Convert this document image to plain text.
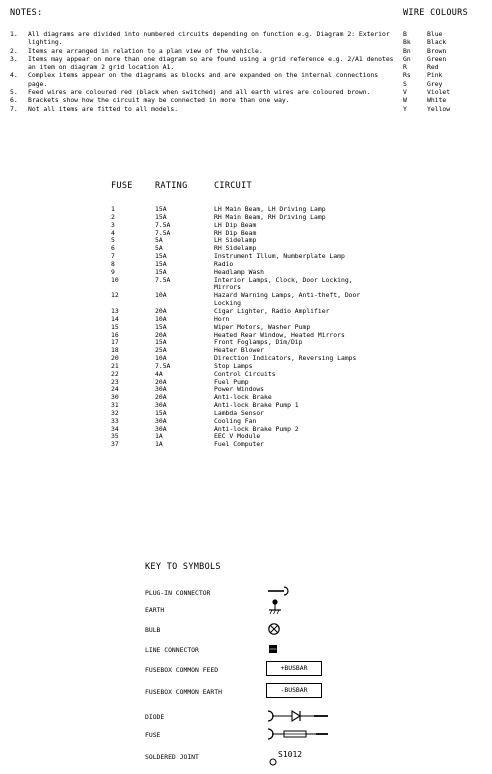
NOTES:
1.	All diagrams are divided into numbered circuits depending on function e.g. Diagram 2: Exterior lighting.
2.	Items are arranged in relation to a plan view of the vehicle.
3.	Items may appear on more than one diagram so are found using a grid reference e.g. 2/A1 denotes an item on diagram 2 grid location A1.
4.	Complex items appear on the diagrams as blocks and are expanded on the internal connections page.
5.	Feed wires are coloured red (black when switched) and all earth wires are coloured brown.
6.	Brackets show how the circuit may be connected in more than one way.
7.	Not all items are fitted to all models.
WIRE COLOURS
B	Blue
Bk	Black
Bn	Brown
Gn	Green
R	Red
Rs	Pink
S	Grey
V	Violet
W	White
Y	Yellow
FUSE	RATING	CIRCUIT
1	15A	LH Main Beam, LH Driving Lamp
2	15A	RH Main Beam, RH Driving Lamp
3	7.5A	LH Dip Beam
4	7.5A	RH Dip Beam
5	5A	LH Sidelamp
6	5A	RH Sidelamp
7	15A	Instrument Illum, Numberplate Lamp
8	15A	Radio
9	15A	Headlamp Wash
10	7.5A	Interior Lamps, Clock, Door Locking, Mirrors
12	10A	Hazard Warning Lamps, Anti-theft, Door Locking
13	20A	Cigar Lighter, Radio Amplifier
14	10A	Horn
15	15A	Wiper Motors, Washer Pump
16	20A	Heated Rear Window, Heated Mirrors
17	15A	Front Foglamps, Dim/Dip
18	25A	Heater Blower
20	10A	Direction Indicators, Reversing Lamps
21	7.5A	Stop Lamps
22	4A	Control Circuits
23	20A	Fuel Pump
24	30A	Power Windows
30	20A	Anti-lock Brake
31	30A	Anti-lock Brake Pump 1
32	15A	Lambda Sensor
33	30A	Cooling Fan
34	30A	Anti-lock Brake Pump 2
35	1A	EEC V Module
37	1A	Fuel Computer
KEY TO SYMBOLS
PLUG-IN CONNECTOR
EARTH
BULB
LINE CONNECTOR
FUSEBOX COMMON FEED	+BUSBAR
FUSEBOX COMMON EARTH	-BUSBAR
DIODE
FUSE
SOLDERED JOINT	S1012
